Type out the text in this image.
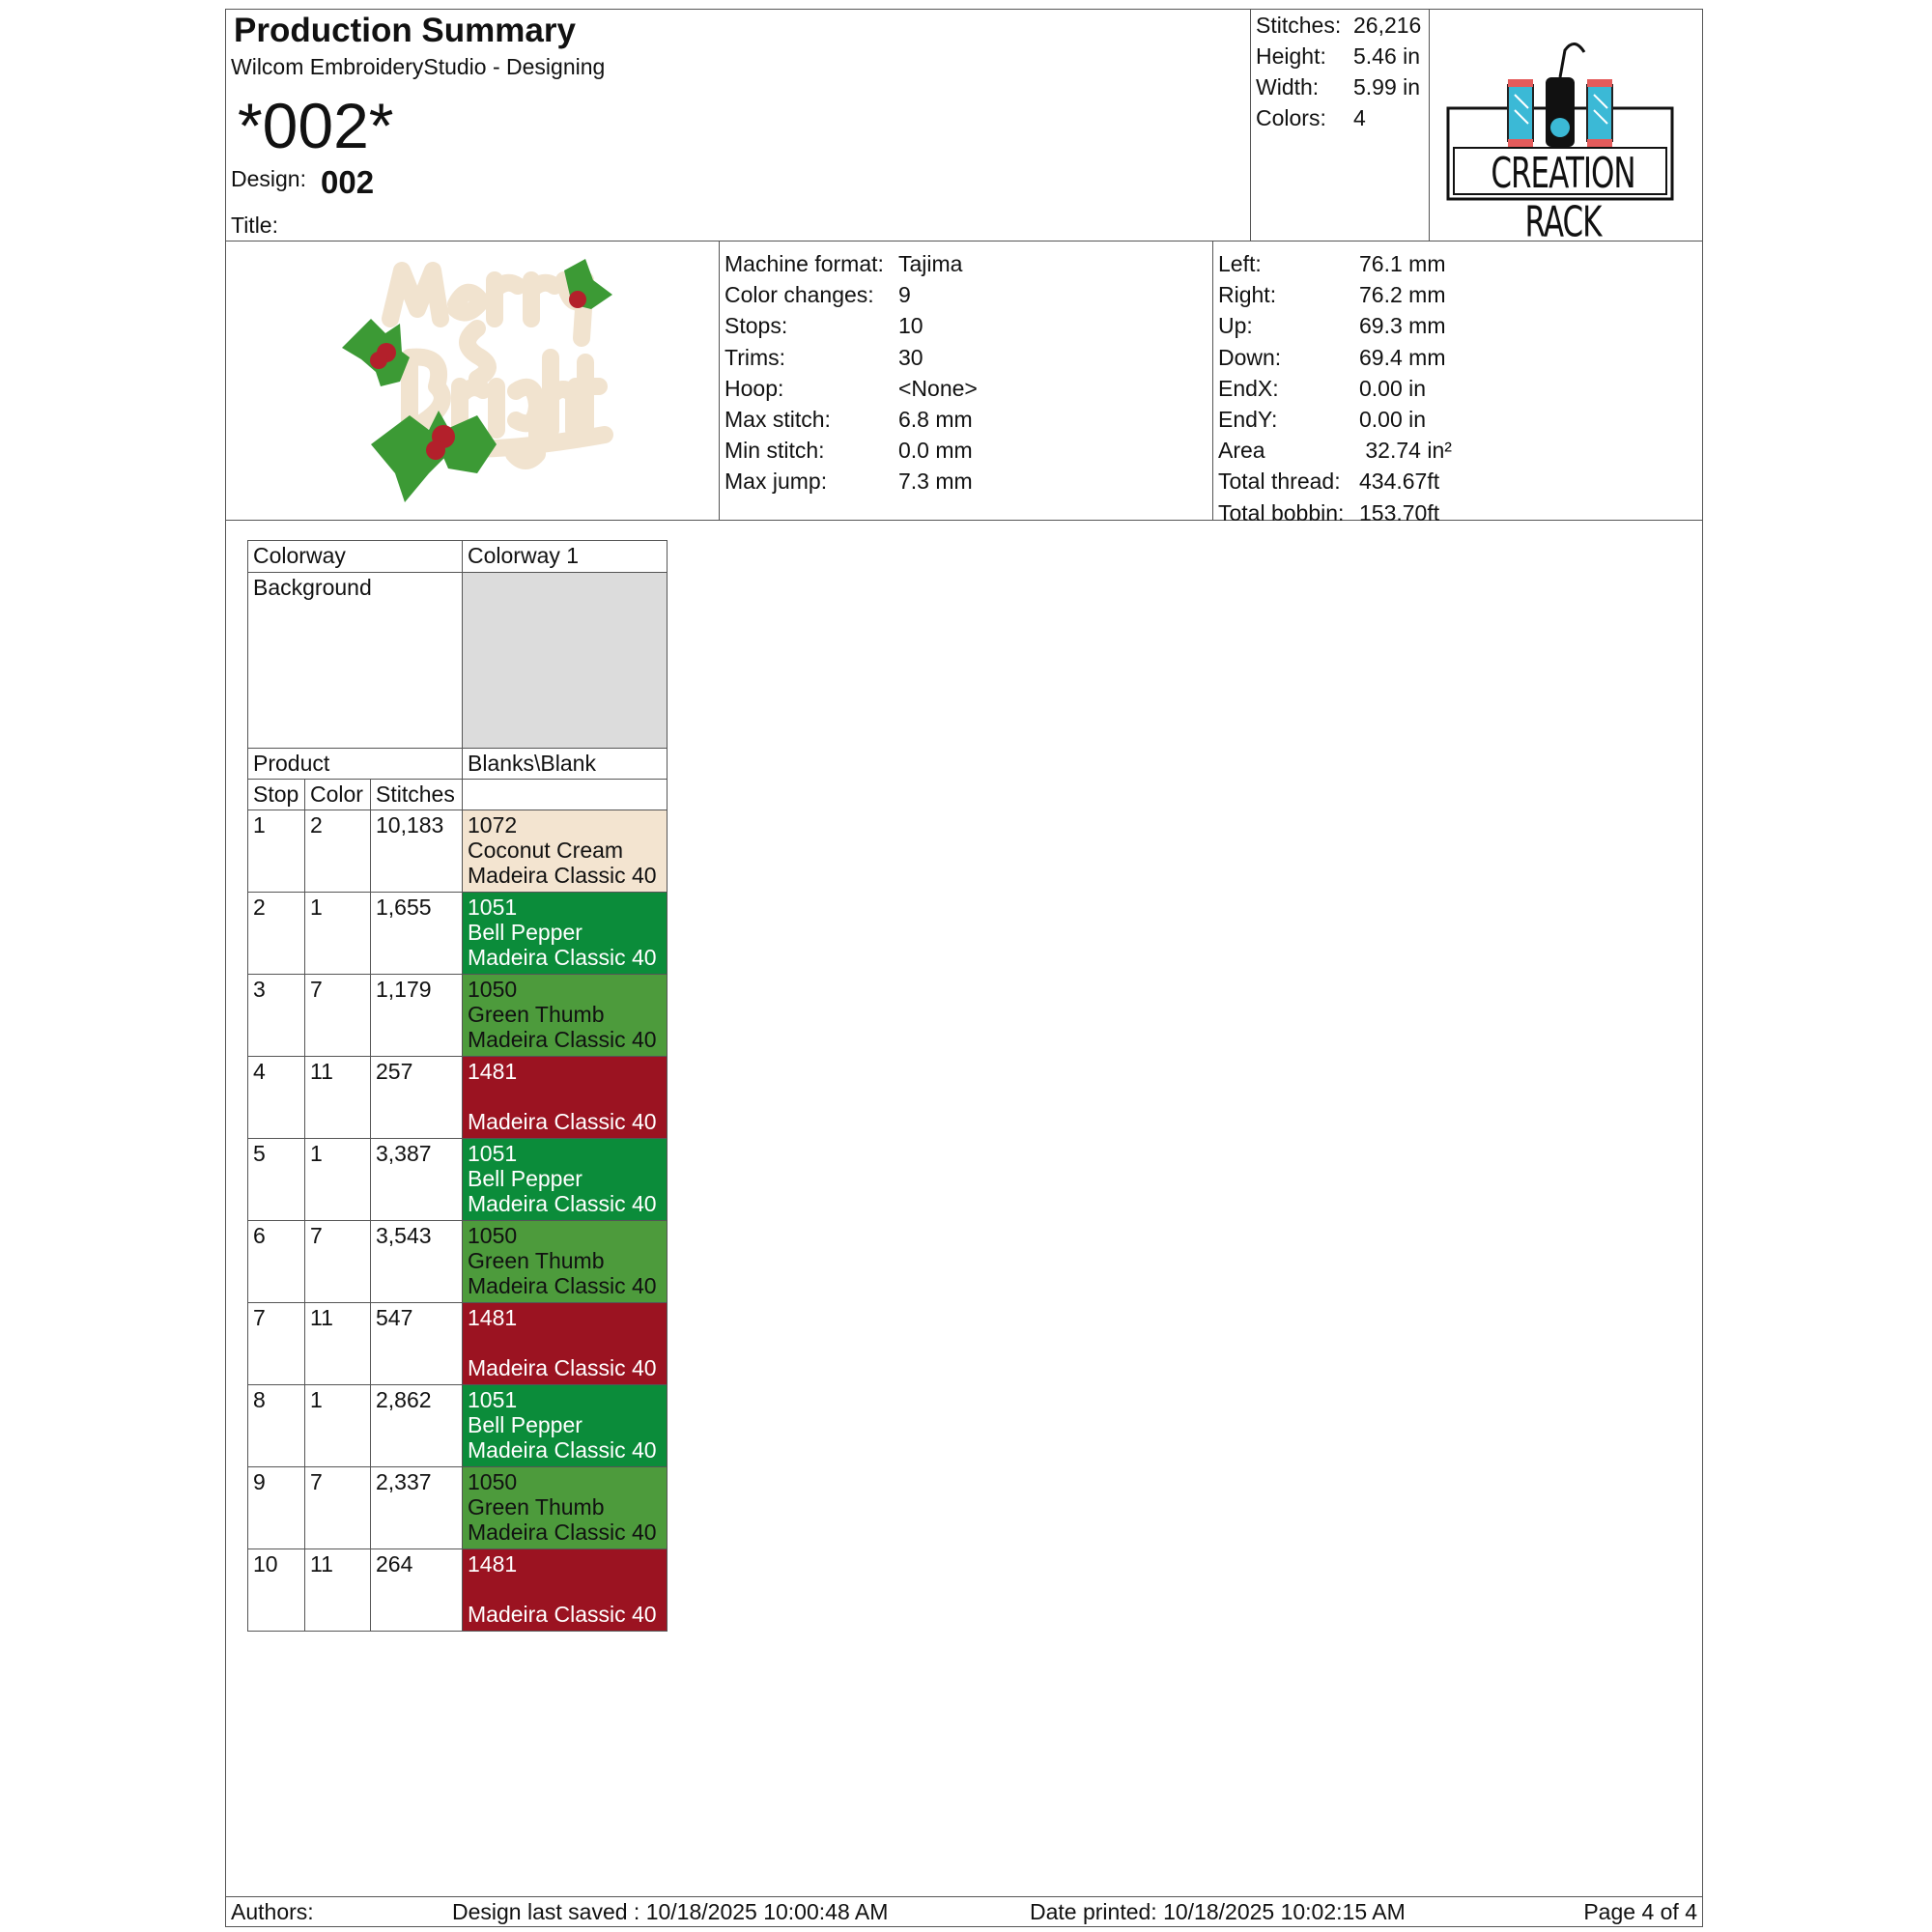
Production Summary
Wilcom EmbroideryStudio - Designing
*002*
Design: 002
Title:
Stitches: 26,216
Height: 5.46 in
Width: 5.99 in
Colors: 4
CREATION RACK
Machine format: Tajima
Color changes: 9
Stops:	10
Trims:	30
Hoop:	<None>
Max stitch:	6.8 mm
Min stitch:	0.0 mm
Max jump:	7.3 mm
Left:	76.1 mm
Right:	76.2 mm
Up:	69.3 mm
Down:	69.4 mm
EndX:	0.00 in
EndY:	0.00 in
Area	32.74 in²
Total thread: 434.67ft
Total bobbin: 153.70ft
Colorway			Colorway 1
Background			
Product			Blanks\Blank
Stop	Color	Stitches	
1	2	10,183	1072
Coconut Cream
Madeira Classic 40

2	1	1,655	1051
Bell Pepper
Madeira Classic 40

3	7	1,179	1050
Green Thumb
Madeira Classic 40

4	11	257	1481
Madeira Classic 40

5	1	3,387	1051
Bell Pepper
Madeira Classic 40

6	7	3,543	1050
Green Thumb
Madeira Classic 40

7	11	547	1481
Madeira Classic 40

8	1	2,862	1051
Bell Pepper
Madeira Classic 40

9	7	2,337	1050
Green Thumb
Madeira Classic 40

10	11	264	1481
Madeira Classic 40
Authors:	Design last saved : 10/18/2025 10:00:48 AM	Date printed: 10/18/2025 10:02:15 AM	Page 4 of 4
